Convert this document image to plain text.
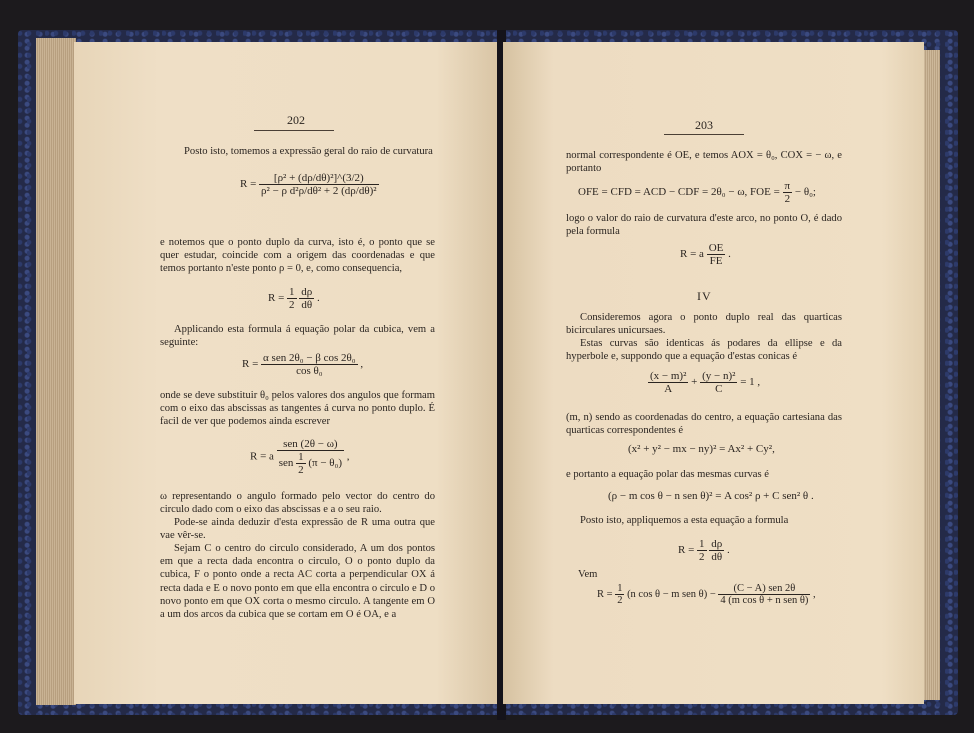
202
Posto isto, tomemos a expressão geral do raio de curvatura
$R = \frac{\text{[ρ² + (dρ/dθ)²]\textasciicircum{}(3/2)}}{\text{ρ² − ρ d²ρ/dθ² + 2 (dρ/dθ)²}}$
e notemos que o ponto duplo da curva, isto é, o ponto que se quer estudar, coincide com a origem das coordenadas e que temos portanto n'este ponto ρ = 0, e, como consequencia,
$R = \frac{1}{2}$
$\frac{d\rho}{d\theta}$ .
Applicando esta formula á equação polar da cubica, vem a seguinte:
$R = \frac{\text{α sen 2θ₀ − β cos 2θ₀}}{\text{cos θ₀}}$ ,
onde se deve substituir θ₀ pelos valores dos angulos que formam com o eixo das abscissas as tangentes á curva no ponto duplo. É facil de ver que podemos ainda escrever
R = a $\frac{\text{sen (2θ − ω)}}{sen \frac{1}{2} (\pi - \theta_0)}$ ,
ω representando o angulo formado pelo vector do centro do circulo dado com o eixo das abscissas e a o seu raio.
Pode-se ainda deduzir d'esta expressão de R uma outra que vae vêr-se.
Sejam C o centro do circulo considerado, A um dos pontos em que a recta dada encontra o circulo, O o ponto duplo da cubica, F o ponto onde a recta AC corta a perpendicular OX á recta dada e E o novo ponto em que ella encontra o circulo e D o novo ponto em que OX corta o mesmo circulo. A tangente em O a um dos arcos da cubica que se cortam em O é OA, e a
203
normal correspondente é OE, e temos AOX = θ₀, COX = − ω, e portanto
OFE = CFD = ACD − CDF = 2θ₀ − ω, FOE = $\frac{\pi}{2} - \theta_0$;
logo o valor do raio de curvatura d'este arco, no ponto O, é dado pela formula
R = a $\frac{OE}{FE}$ .
IV
Consideremos agora o ponto duplo real das quarticas bicirculares unicursaes.
Estas curvas são identicas ás podares da ellipse e da hyperbole e, suppondo que a equação d'estas conicas é
$\frac{\text{(x − m)²}}{A} + \frac{\text{(y − n)²}}{C} = 1$ ,
(m, n) sendo as coordenadas do centro, a equação cartesiana das quarticas correspondentes é
(x² + y² − mx − ny)² = Ax² + Cy²,
e portanto a equação polar das mesmas curvas é
(ρ − m cos θ − n sen θ)² = A cos² ρ + C sen² θ .
Posto isto, appliquemos a esta equação a formula
$R = \frac{1}{2}$
$\frac{d\rho}{d\theta}$ .
Vem
$R = \frac{1}{2} (n$ cos θ − m sen $\theta) - \frac{\text{(C − A) sen 2θ}}{\text{4 (m cos θ + n sen θ)}}$ ,
